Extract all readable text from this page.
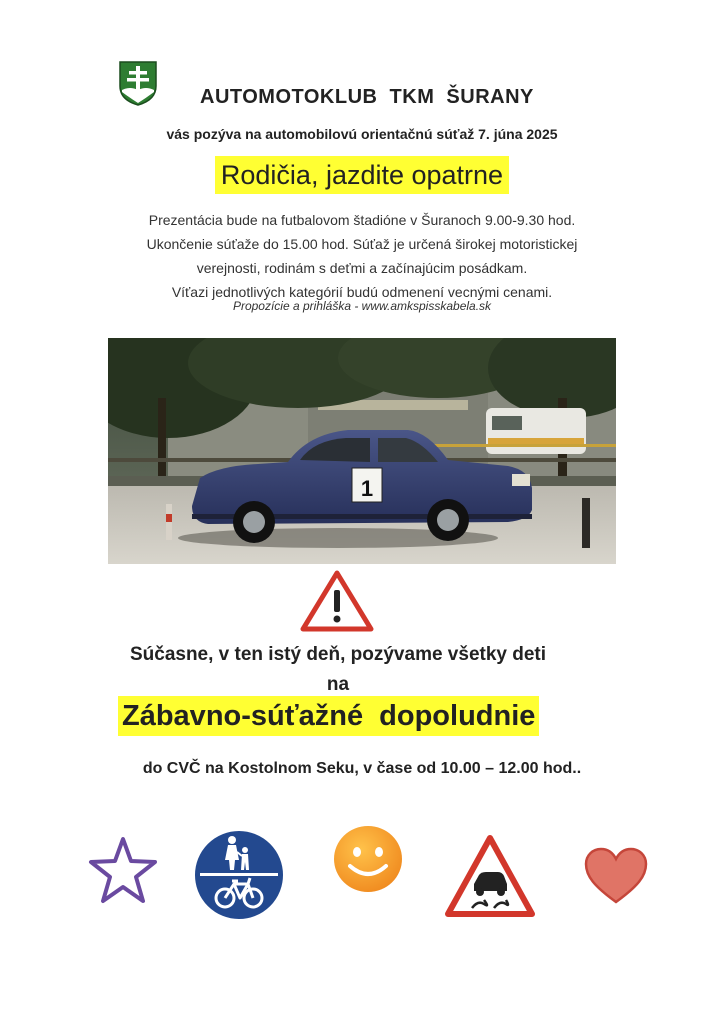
AUTOMOTOKLUB TKM ŠURANY
vás pozýva na automobilovú orientačnú súťaž 7. júna 2025
Rodičia, jazdite opatrne
Prezentácia bude na futbalovom štadióne v Šuranoch 9.00-9.30 hod.
Ukončenie súťaže do 15.00 hod. Súťaž je určená širokej motoristickej
verejnosti, rodinám s deťmi a začínajúcim posádkam.
Víťazi jednotlivých kategórií budú odmenení vecnými cenami.
Propozície a prihláška - www.amkspisskabela.sk
1
Súčasne, v ten istý deň, pozývame všetky deti
na
Zábavno-súťažné dopoludnie
do CVČ na Kostolnom Seku, v čase od 10.00 – 12.00 hod..
